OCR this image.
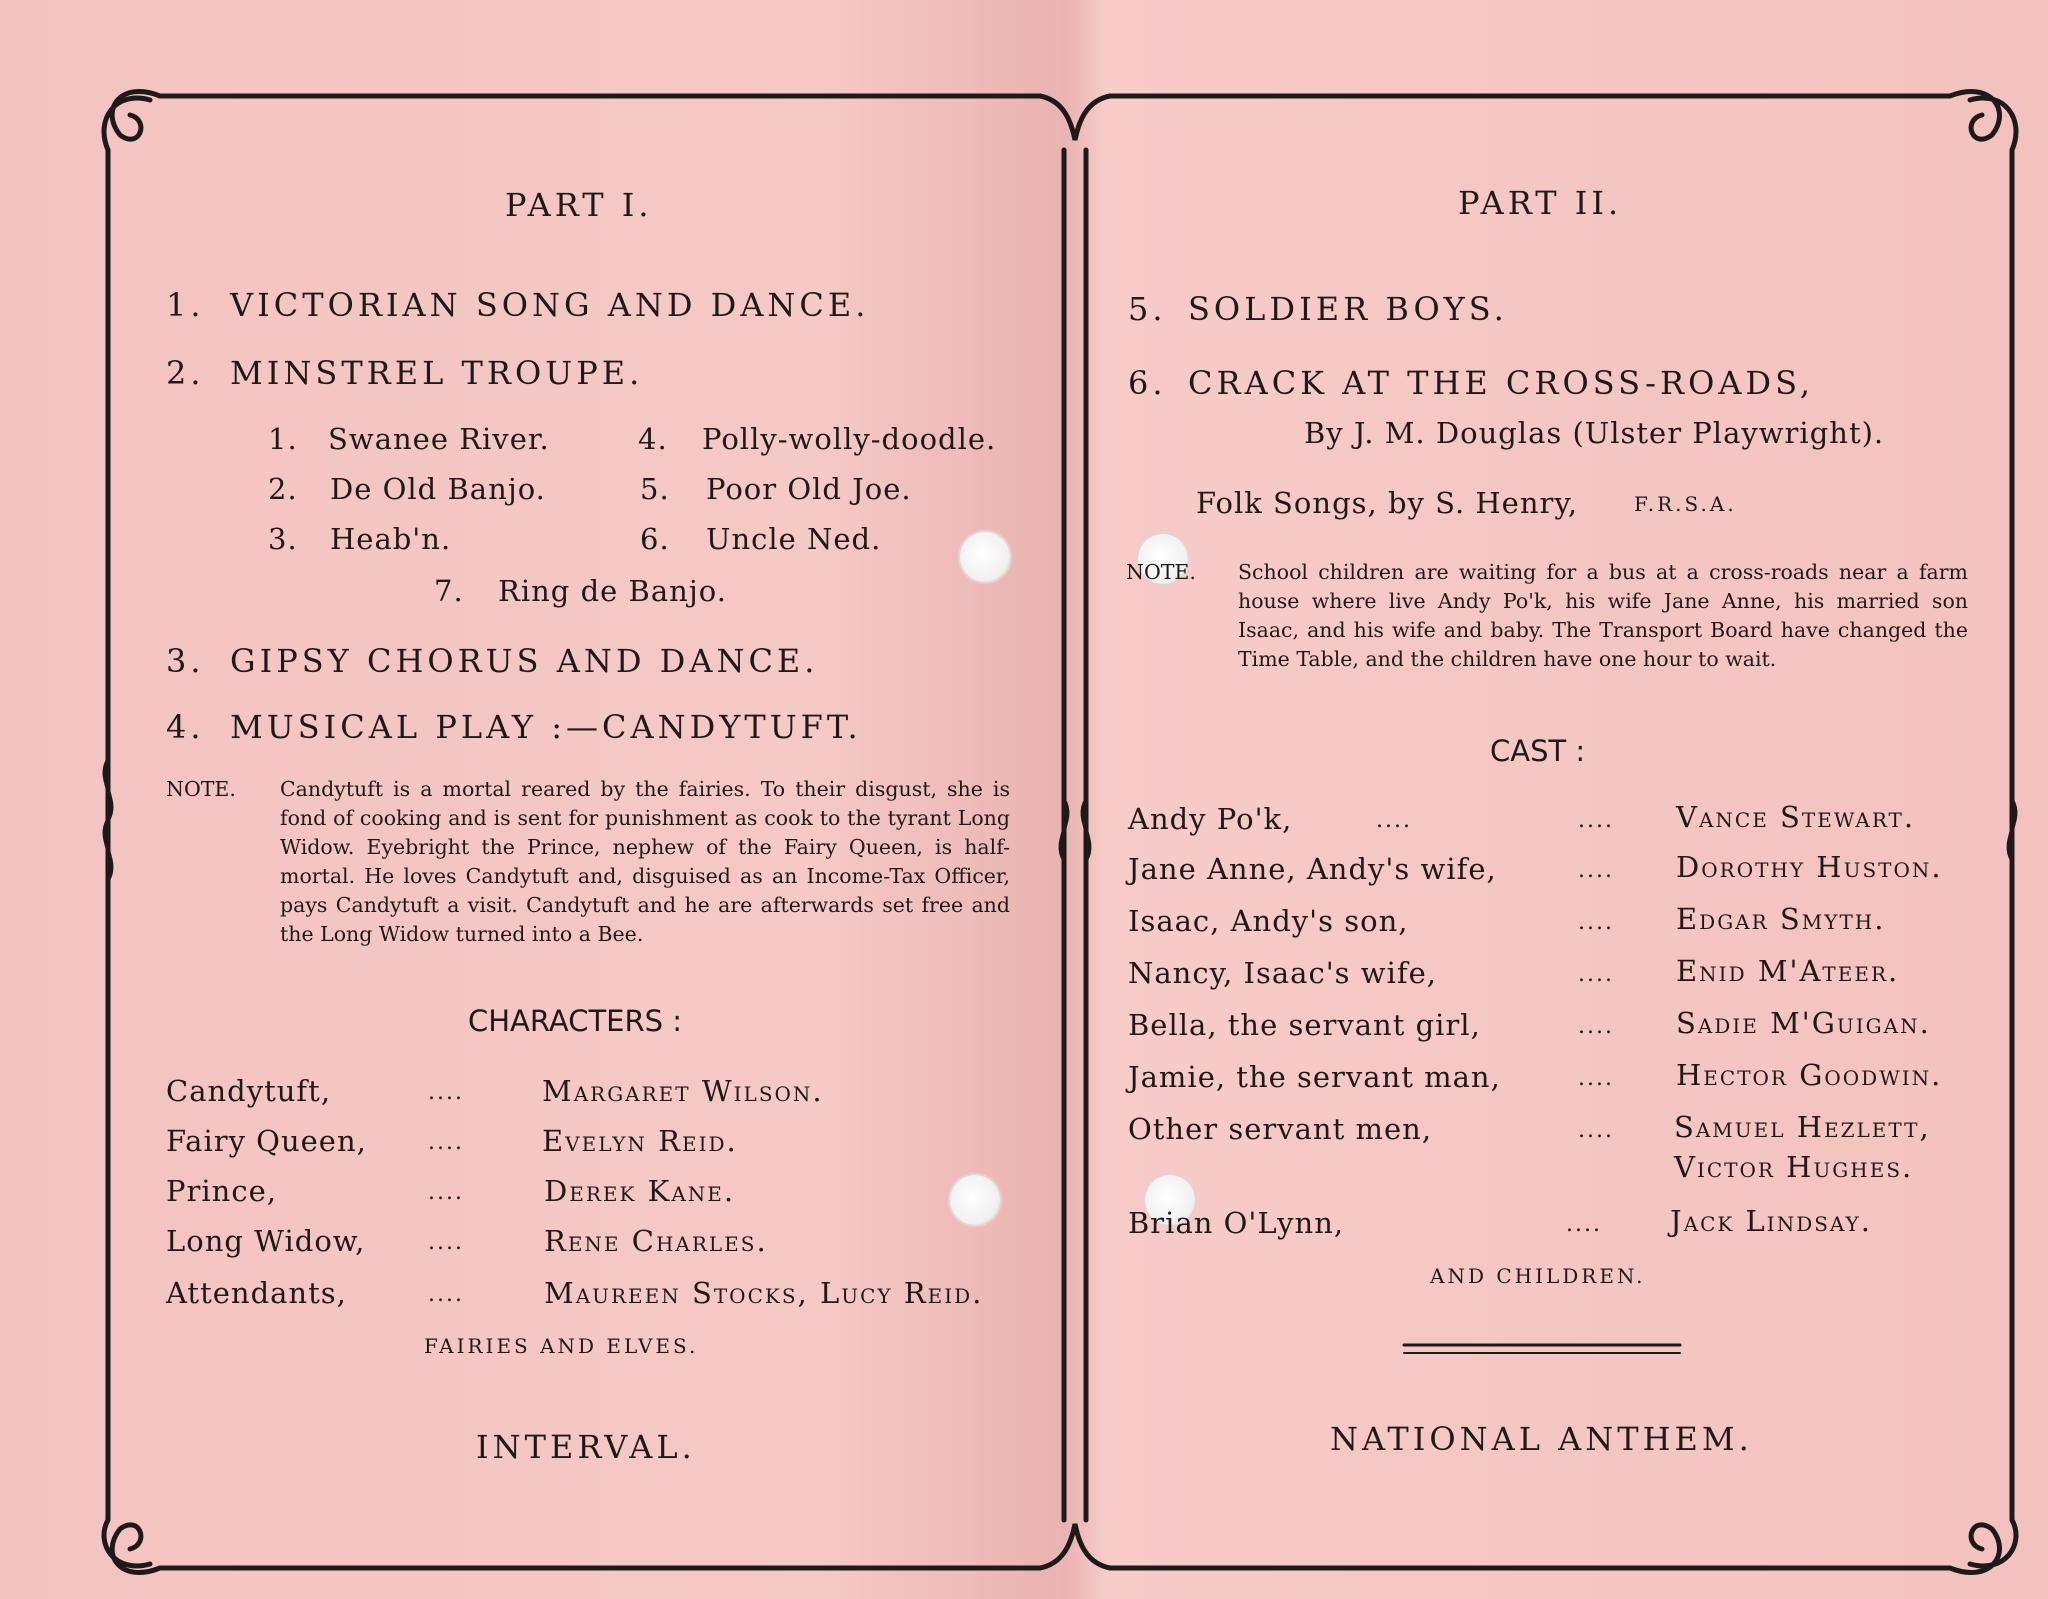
PART I.
1. VICTORIAN SONG AND DANCE.
2. MINSTREL TROUPE.
1. Swanee River.	4. Polly-wolly-doodle.
2. De Old Banjo.	5. Poor Old Joe.
3. Heab'n.	6. Uncle Ned.
7. Ring de Banjo.
3. GIPSY CHORUS AND DANCE.
4. MUSICAL PLAY :—CANDYTUFT.
NOTE. Candytuft is a mortal reared by the fairies. To their disgust, she is fond of cooking and is sent for punishment as cook to the tyrant Long Widow. Eyebright the Prince, nephew of the Fairy Queen, is half-mortal. He loves Candytuft and, disguised as an Income-Tax Officer, pays Candytuft a visit. Candytuft and he are afterwards set free and the Long Widow turned into a Bee.
CHARACTERS :
Candytuft,	....	Margaret Wilson.
Fairy Queen,	....	Evelyn Reid.
Prince,	....	Derek Kane.
Long Widow,	....	Rene Charles.
Attendants,	....	Maureen Stocks, Lucy Reid.
FAIRIES AND ELVES.
INTERVAL.
PART II.
5. SOLDIER BOYS.
6. CRACK AT THE CROSS-ROADS,
By J. M. Douglas (Ulster Playwright).
Folk Songs, by S. Henry,	F.R.S.A.
NOTE. School children are waiting for a bus at a cross-roads near a farm house where live Andy Po'k, his wife Jane Anne, his married son Isaac, and his wife and baby. The Transport Board have changed the Time Table, and the children have one hour to wait.
CAST :
Andy Po'k,	....	.... Vance Stewart.
Jane Anne, Andy's wife,	.... Dorothy Huston.
Isaac, Andy's son,	.... Edgar Smyth.
Nancy, Isaac's wife,	.... Enid M'Ateer.
Bella, the servant girl,	.... Sadie M'Guigan.
Jamie, the servant man,	.... Hector Goodwin.
Other servant men,	.... Samuel Hezlett,
Victor Hughes.
Brian O'Lynn,	.... Jack Lindsay.
AND CHILDREN.
NATIONAL ANTHEM.
